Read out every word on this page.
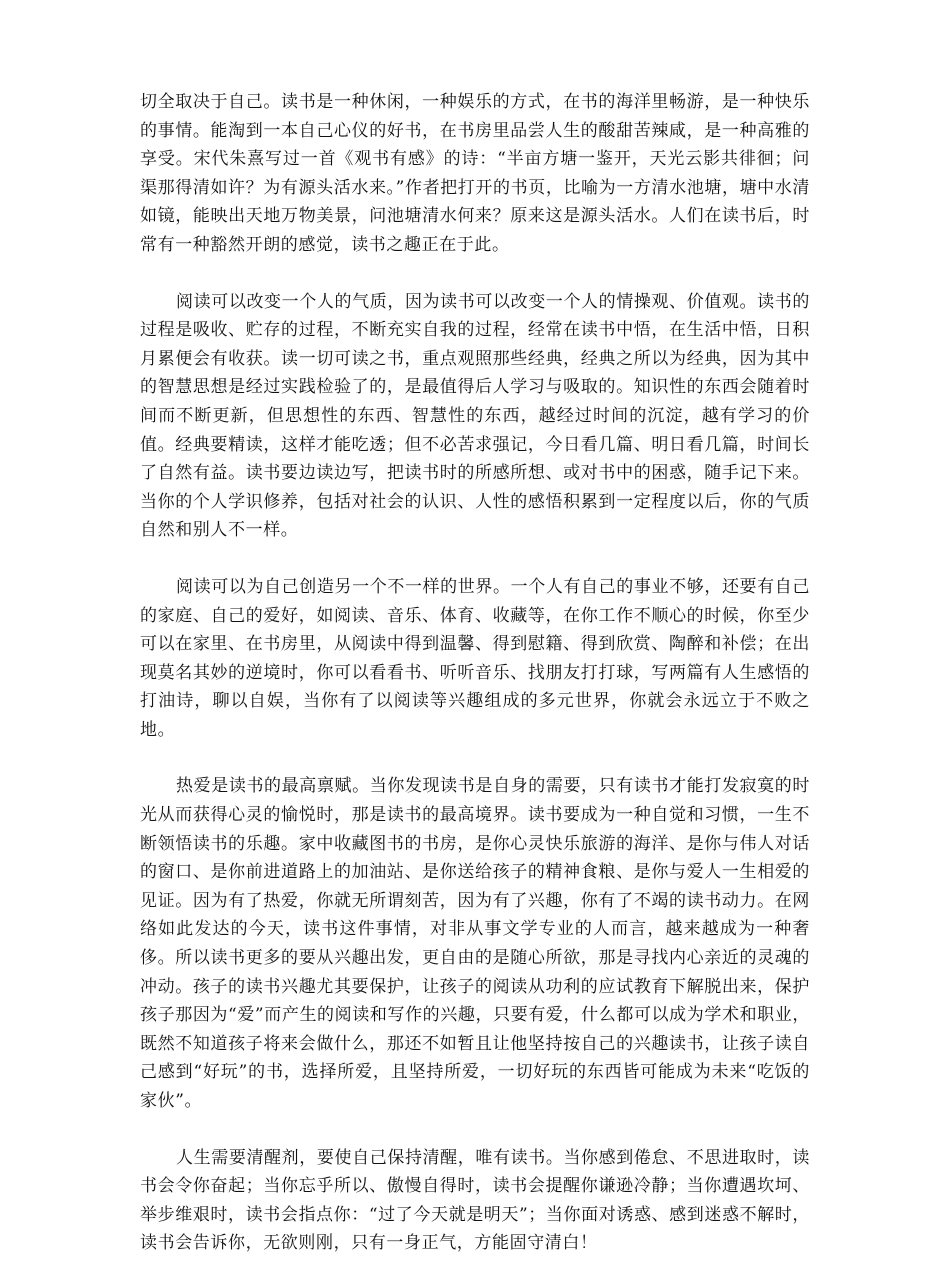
切全取决于自己。读书是一种休闲，一种娱乐的方式，在书的海洋里畅游，是一种快乐的事情。能淘到一本自己心仪的好书，在书房里品尝人生的酸甜苦辣咸，是一种高雅的享受。宋代朱熹写过一首《观书有感》的诗：“半亩方塘一鉴开，天光云影共徘徊；问渠那得清如许？为有源头活水来。”作者把打开的书页，比喻为一方清水池塘，塘中水清如镜，能映出天地万物美景，问池塘清水何来？原来这是源头活水。人们在读书后，时常有一种豁然开朗的感觉，读书之趣正在于此。

阅读可以改变一个人的气质，因为读书可以改变一个人的情操观、价值观。读书的过程是吸收、贮存的过程，不断充实自我的过程，经常在读书中悟，在生活中悟，日积月累便会有收获。读一切可读之书，重点观照那些经典，经典之所以为经典，因为其中的智慧思想是经过实践检验了的，是最值得后人学习与吸取的。知识性的东西会随着时间而不断更新，但思想性的东西、智慧性的东西，越经过时间的沉淀，越有学习的价值。经典要精读，这样才能吃透；但不必苦求强记，今日看几篇、明日看几篇，时间长了自然有益。读书要边读边写，把读书时的所感所想、或对书中的困惑，随手记下来。当你的个人学识修养，包括对社会的认识、人性的感悟积累到一定程度以后，你的气质自然和别人不一样。

阅读可以为自己创造另一个不一样的世界。一个人有自己的事业不够，还要有自己的家庭、自己的爱好，如阅读、音乐、体育、收藏等，在你工作不顺心的时候，你至少可以在家里、在书房里，从阅读中得到温馨、得到慰籍、得到欣赏、陶醉和补偿；在出现莫名其妙的逆境时，你可以看看书、听听音乐、找朋友打打球，写两篇有人生感悟的打油诗，聊以自娱，当你有了以阅读等兴趣组成的多元世界，你就会永远立于不败之地。

热爱是读书的最高禀赋。当你发现读书是自身的需要，只有读书才能打发寂寞的时光从而获得心灵的愉悦时，那是读书的最高境界。读书要成为一种自觉和习惯，一生不断领悟读书的乐趣。家中收藏图书的书房，是你心灵快乐旅游的海洋、是你与伟人对话的窗口、是你前进道路上的加油站、是你送给孩子的精神食粮、是你与爱人一生相爱的见证。因为有了热爱，你就无所谓刻苦，因为有了兴趣，你有了不竭的读书动力。在网络如此发达的今天，读书这件事情，对非从事文学专业的人而言，越来越成为一种奢侈。所以读书更多的要从兴趣出发，更自由的是随心所欲，那是寻找内心亲近的灵魂的冲动。孩子的读书兴趣尤其要保护，让孩子的阅读从功利的应试教育下解脱出来，保护孩子那因为“爱”而产生的阅读和写作的兴趣，只要有爱，什么都可以成为学术和职业，既然不知道孩子将来会做什么，那还不如暂且让他坚持按自己的兴趣读书，让孩子读自己感到“好玩”的书，选择所爱，且坚持所爱，一切好玩的东西皆可能成为未来“吃饭的家伙”。

人生需要清醒剂，要使自己保持清醒，唯有读书。当你感到倦怠、不思进取时，读书会令你奋起；当你忘乎所以、傲慢自得时，读书会提醒你谦逊冷静；当你遭遇坎坷、举步维艰时，读书会指点你：“过了今天就是明天”；当你面对诱惑、感到迷惑不解时，读书会告诉你，无欲则刚，只有一身正气，方能固守清白！
